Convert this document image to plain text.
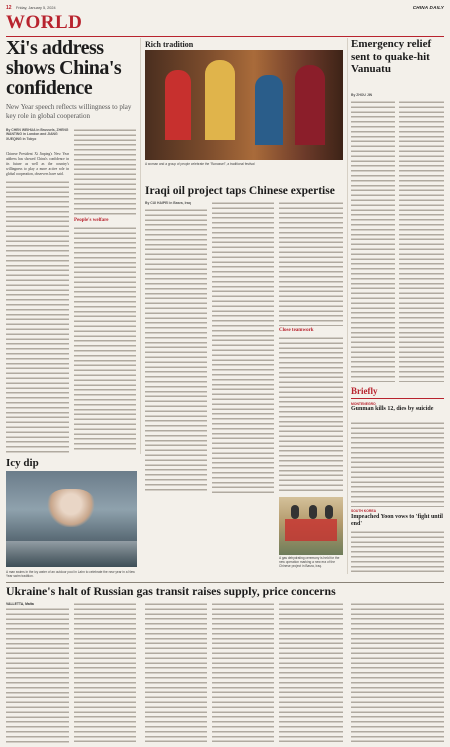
12 Friday, January 5, 2024	CHINA DAILY
WORLD
Xi's address shows China's confidence
New Year speech reflects willingness to play key role in global cooperation
By CHEN WEIHUA in Brussels, ZHENG WANTING in London and JIANG XUEQING in Tokyo
Chinese President Xi Jinping's New Year address has showed China's confidence in its future as well as the country's willingness to play a more active role in global cooperation, observers have said.
People's welfare
Icy dip
A man swims in the icy water of an outdoor pool in Lahn to celebrate the new year in a New Year swim tradition.
Rich tradition
A woman and a group of people celebrate the "Bonassel", a traditional festival
Iraqi oil project taps Chinese expertise
By CUI HAIPEI in Basra, Iraq
Close teamwork
A gas dehydrating ceremony is held for the new operation marking a new era of the Chinese project in Basra, Iraq.
Emergency relief sent to quake-hit Vanuatu
By ZHOU JIN
Briefly
MONTENEGRO
Gunman kills 12, dies by suicide
SOUTH KOREA
Impeached Yoon vows to 'fight until end'
Ukraine's halt of Russian gas transit raises supply, price concerns
VALLETTA, Malta
